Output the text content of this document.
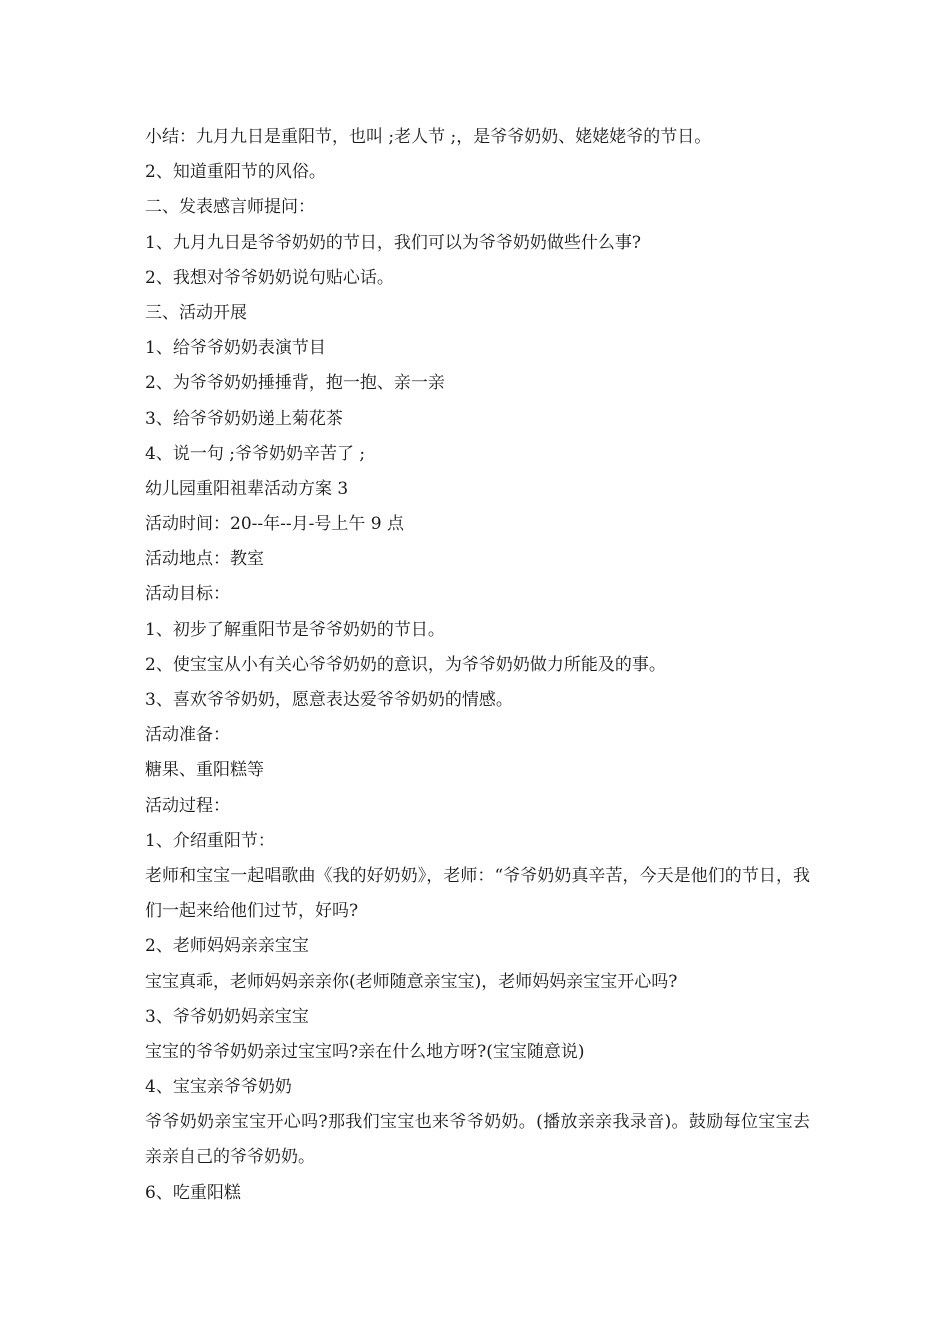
小结：九月九日是重阳节，也叫 ;老人节 ;，是爷爷奶奶、姥姥姥爷的节日。
2、知道重阳节的风俗。
二、发表感言师提问：
1、九月九日是爷爷奶奶的节日，我们可以为爷爷奶奶做些什么事?
2、我想对爷爷奶奶说句贴心话。
三、活动开展
1、给爷爷奶奶表演节目
2、为爷爷奶奶捶捶背，抱一抱、亲一亲
3、给爷爷奶奶递上菊花茶
4、说一句 ;爷爷奶奶辛苦了 ;
幼儿园重阳祖辈活动方案 3
活动时间：20--年--月-号上午 9 点
活动地点：教室
活动目标：
1、初步了解重阳节是爷爷奶奶的节日。
2、使宝宝从小有关心爷爷奶奶的意识，为爷爷奶奶做力所能及的事。
3、喜欢爷爷奶奶，愿意表达爱爷爷奶奶的情感。
活动准备：
糖果、重阳糕等
活动过程：
1、介绍重阳节：
老师和宝宝一起唱歌曲《我的好奶奶》，老师：“爷爷奶奶真辛苦，今天是他们的节日，我们一起来给他们过节，好吗?
2、老师妈妈亲亲宝宝
宝宝真乖，老师妈妈亲亲你(老师随意亲宝宝)，老师妈妈亲宝宝开心吗?
3、爷爷奶奶妈亲宝宝
宝宝的爷爷奶奶亲过宝宝吗?亲在什么地方呀?(宝宝随意说)
4、宝宝亲爷爷奶奶
爷爷奶奶亲宝宝开心吗?那我们宝宝也来爷爷奶奶。(播放亲亲我录音)。鼓励每位宝宝去亲亲自己的爷爷奶奶。
6、吃重阳糕
